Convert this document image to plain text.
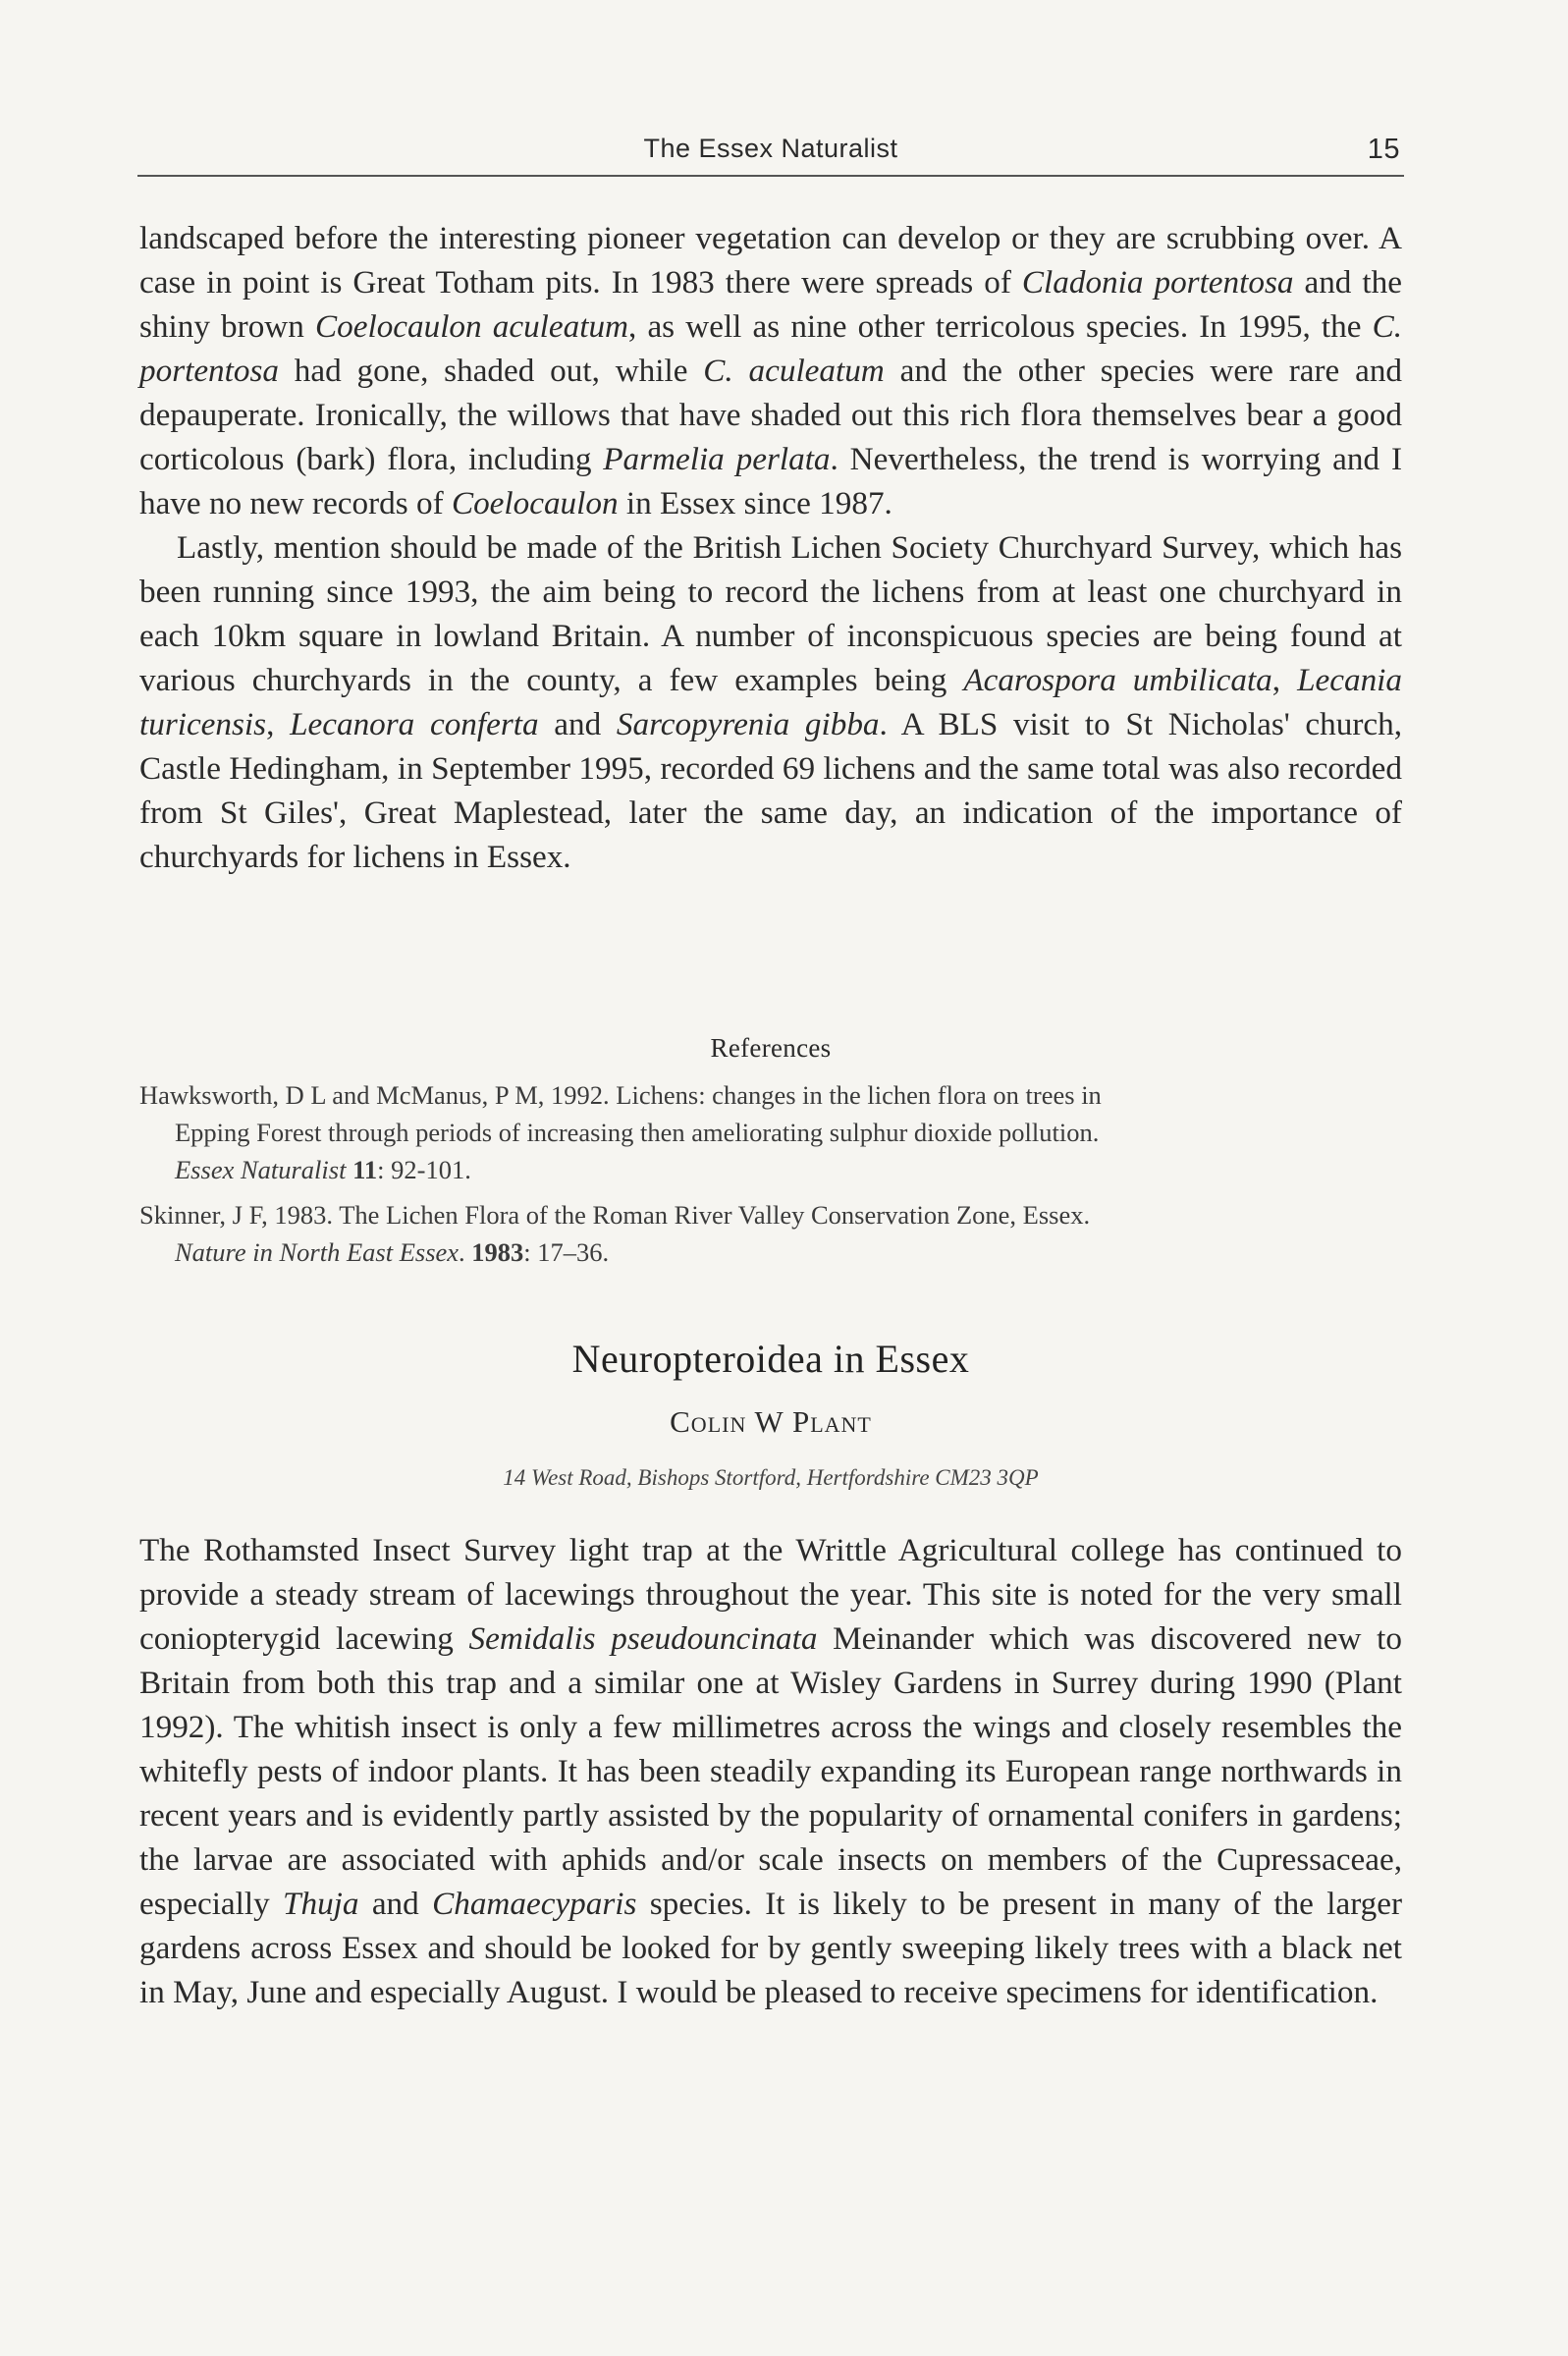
The Essex Naturalist	15

landscaped before the interesting pioneer vegetation can develop or they are scrubbing over. A case in point is Great Totham pits. In 1983 there were spreads of Cladonia portentosa and the shiny brown Coelocaulon aculeatum, as well as nine other terricolous species. In 1995, the C. portentosa had gone, shaded out, while C. aculeatum and the other species were rare and depauperate. Ironically, the willows that have shaded out this rich flora themselves bear a good corticolous (bark) flora, including Parmelia perlata. Nevertheless, the trend is worrying and I have no new records of Coelocaulon in Essex since 1987.

Lastly, mention should be made of the British Lichen Society Churchyard Survey, which has been running since 1993, the aim being to record the lichens from at least one churchyard in each 10km square in lowland Britain. A number of inconspicuous species are being found at various churchyards in the county, a few examples being Acarospora umbilicata, Lecania turicensis, Lecanora conferta and Sarcopyrenia gibba. A BLS visit to St Nicholas' church, Castle Hedingham, in September 1995, recorded 69 lichens and the same total was also recorded from St Giles', Great Maplestead, later the same day, an indication of the importance of churchyards for lichens in Essex.

References
Hawksworth, D L and McManus, P M, 1992. Lichens: changes in the lichen flora on trees in
Epping Forest through periods of increasing then ameliorating sulphur dioxide pollution.
Essex Naturalist 11: 92-101.
Skinner, J F, 1983. The Lichen Flora of the Roman River Valley Conservation Zone, Essex.
Nature in North East Essex. 1983: 17–36.
Neuropteroidea in Essex
Colin W Plant
14 West Road, Bishops Stortford, Hertfordshire CM23 3QP

The Rothamsted Insect Survey light trap at the Writtle Agricultural college has continued to provide a steady stream of lacewings throughout the year. This site is noted for the very small coniopterygid lacewing Semidalis pseudouncinata Meinander which was discovered new to Britain from both this trap and a similar one at Wisley Gardens in Surrey during 1990 (Plant 1992). The whitish insect is only a few millimetres across the wings and closely resembles the whitefly pests of indoor plants. It has been steadily expanding its European range northwards in recent years and is evidently partly assisted by the popularity of ornamental conifers in gardens; the larvae are associated with aphids and/or scale insects on members of the Cupressaceae, especially Thuja and Chamaecyparis species. It is likely to be present in many of the larger gardens across Essex and should be looked for by gently sweeping likely trees with a black net in May, June and especially August. I would be pleased to receive specimens for identification.
